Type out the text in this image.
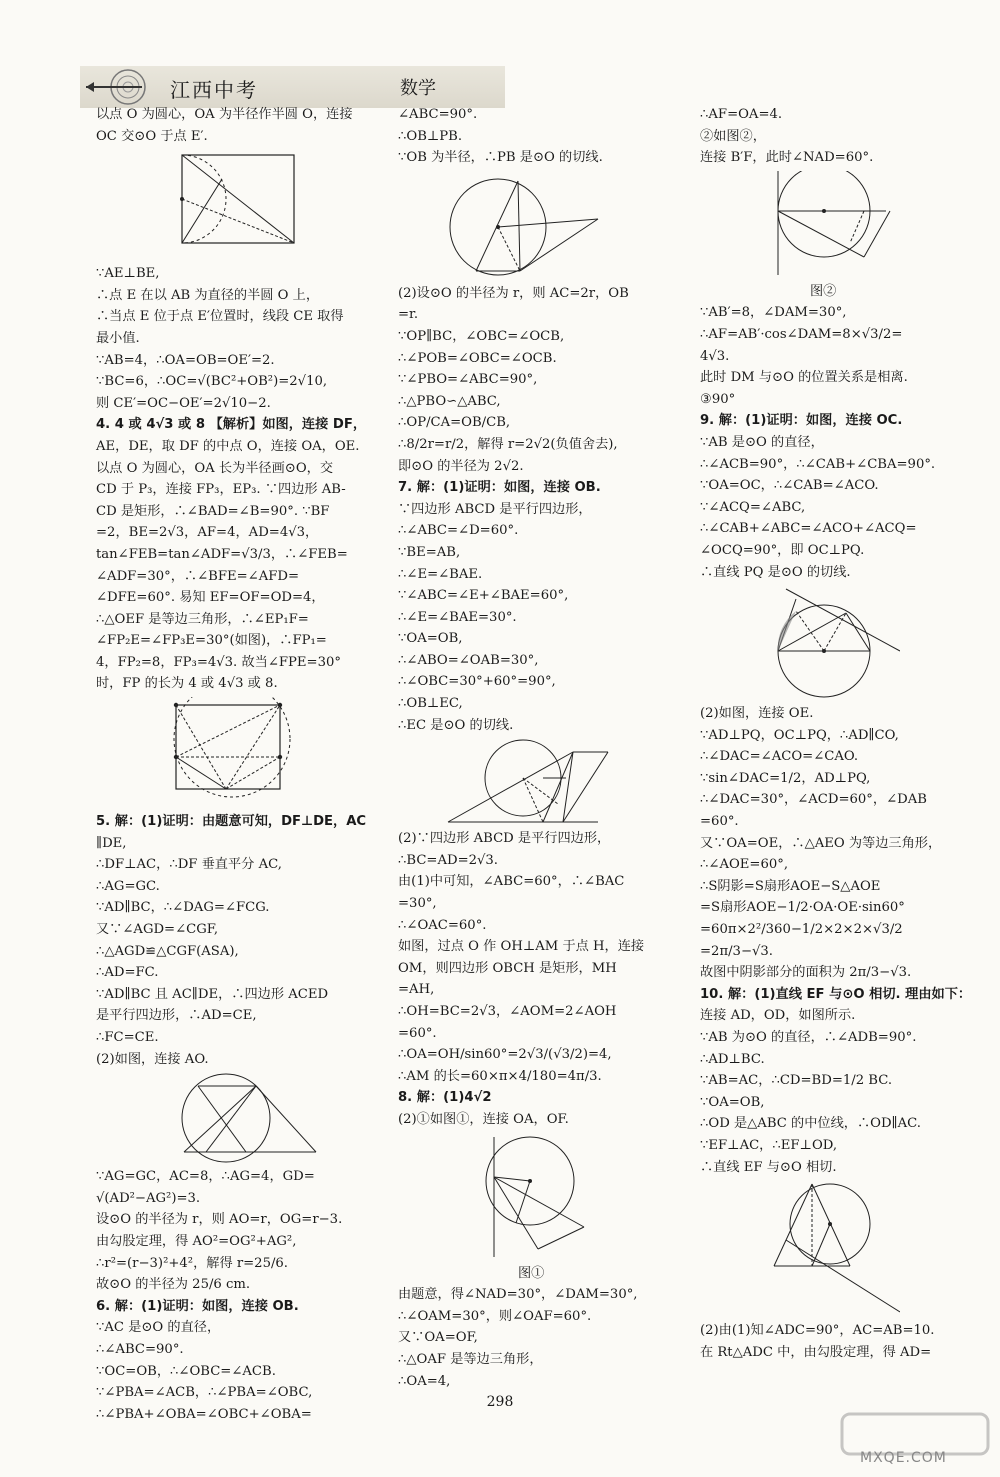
江西中考	数学

以点 O 为圆心，OA 为半径作半圆 O，连接

OC 交⊙O 于点 E′.

∵AE⊥BE,

∴点 E 在以 AB 为直径的半圆 O 上，

∴当点 E 位于点 E′位置时，线段 CE 取得

最小值.

∵AB=4，∴OA=OB=OE′=2.

∵BC=6，∴OC=√(BC²+OB²)=2√10,

则 CE′=OC−OE′=2√10−2.

4. 4 或 4√3 或 8 【解析】如图，连接 DF，

AE，DE，取 DF 的中点 O，连接 OA，OE.

以点 O 为圆心，OA 长为半径画⊙O，交

CD 于 P₃，连接 FP₃，EP₃. ∵四边形 AB-

CD 是矩形，∴∠BAD=∠B=90°. ∵BF

=2，BE=2√3，AF=4，AD=4√3，

tan∠FEB=tan∠ADF=√3/3，∴∠FEB=

∠ADF=30°，∴∠BFE=∠AFD=

∠DFE=60°. 易知 EF=OF=OD=4，

∴△OEF 是等边三角形，∴∠EP₁F=

∠FP₂E=∠FP₃E=30°(如图)，∴FP₁=

4，FP₂=8，FP₃=4√3. 故当∠FPE=30°

时，FP 的长为 4 或 4√3 或 8.

5. 解：(1)证明：由题意可知，DF⊥DE，AC

∥DE,

∴DF⊥AC，∴DF 垂直平分 AC,

∴AG=GC.

∵AD∥BC，∴∠DAG=∠FCG.

又∵∠AGD=∠CGF,

∴△AGD≌△CGF(ASA),

∴AD=FC.

∵AD∥BC 且 AC∥DE，∴四边形 ACED

是平行四边形，∴AD=CE,

∴FC=CE.

(2)如图，连接 AO.

∵AG=GC，AC=8，∴AG=4，GD=

√(AD²−AG²)=3.

设⊙O 的半径为 r，则 AO=r，OG=r−3.

由勾股定理，得 AO²=OG²+AG²,

∴r²=(r−3)²+4²，解得 r=25/6.

故⊙O 的半径为 25/6 cm.

6. 解：(1)证明：如图，连接 OB.

∵AC 是⊙O 的直径，

∴∠ABC=90°.

∵OC=OB，∴∠OBC=∠ACB.

∵∠PBA=∠ACB，∴∠PBA=∠OBC,

∴∠PBA+∠OBA=∠OBC+∠OBA=

∠ABC=90°.

∴OB⊥PB.

∵OB 为半径，∴PB 是⊙O 的切线.

(2)设⊙O 的半径为 r，则 AC=2r，OB

=r.

∵OP∥BC，∠OBC=∠OCB,

∴∠POB=∠OBC=∠OCB.

∵∠PBO=∠ABC=90°,

∴△PBO∽△ABC,

∴OP/CA=OB/CB,

∴8/2r=r/2，解得 r=2√2(负值舍去),

即⊙O 的半径为 2√2.

7. 解：(1)证明：如图，连接 OB.

∵四边形 ABCD 是平行四边形，

∴∠ABC=∠D=60°.

∵BE=AB,

∴∠E=∠BAE.

∵∠ABC=∠E+∠BAE=60°,

∴∠E=∠BAE=30°.

∵OA=OB,

∴∠ABO=∠OAB=30°,

∴∠OBC=30°+60°=90°,

∴OB⊥EC,

∴EC 是⊙O 的切线.

(2)∵四边形 ABCD 是平行四边形，

∴BC=AD=2√3.

由(1)中可知，∠ABC=60°，∴∠BAC

=30°,

∴∠OAC=60°.

如图，过点 O 作 OH⊥AM 于点 H，连接

OM，则四边形 OBCH 是矩形，MH

=AH,

∴OH=BC=2√3，∠AOM=2∠AOH

=60°.

∴OA=OH/sin60°=2√3/(√3/2)=4,

∴AM 的长=60×π×4/180=4π/3.

8. 解：(1)4√2

(2)①如图①，连接 OA，OF.

图①

由题意，得∠NAD=30°，∠DAM=30°,

∴∠OAM=30°，则∠OAF=60°.

又∵OA=OF,

∴△OAF 是等边三角形，

∴OA=4,

∴AF=OA=4.

②如图②，

连接 B′F，此时∠NAD=60°.

图②

∵AB′=8，∠DAM=30°,

∴AF=AB′·cos∠DAM=8×√3/2=

4√3.

此时 DM 与⊙O 的位置关系是相离.

③90°

9. 解：(1)证明：如图，连接 OC.

∵AB 是⊙O 的直径，

∴∠ACB=90°，∴∠CAB+∠CBA=90°.

∵OA=OC，∴∠CAB=∠ACO.

∵∠ACQ=∠ABC,

∴∠CAB+∠ABC=∠ACO+∠ACQ=

∠OCQ=90°，即 OC⊥PQ.

∴直线 PQ 是⊙O 的切线.

(2)如图，连接 OE.

∵AD⊥PQ，OC⊥PQ，∴AD∥CO,

∴∠DAC=∠ACO=∠CAO.

∵sin∠DAC=1/2，AD⊥PQ,

∴∠DAC=30°，∠ACD=60°，∠DAB

=60°.

又∵OA=OE，∴△AEO 为等边三角形，

∴∠AOE=60°,

∴S阴影=S扇形AOE−S△AOE

=S扇形AOE−1/2·OA·OE·sin60°

=60π×2²/360−1/2×2×2×√3/2

=2π/3−√3.

故图中阴影部分的面积为 2π/3−√3.

10. 解：(1)直线 EF 与⊙O 相切. 理由如下：

连接 AD，OD，如图所示.

∵AB 为⊙O 的直径，∴∠ADB=90°.

∴AD⊥BC.

∵AB=AC，∴CD=BD=1/2 BC.

∵OA=OB,

∴OD 是△ABC 的中位线，∴OD∥AC.

∵EF⊥AC，∴EF⊥OD,

∴直线 EF 与⊙O 相切.

(2)由(1)知∠ADC=90°，AC=AB=10.

在 Rt△ADC 中，由勾股定理，得 AD=

298
MXQE.COM
